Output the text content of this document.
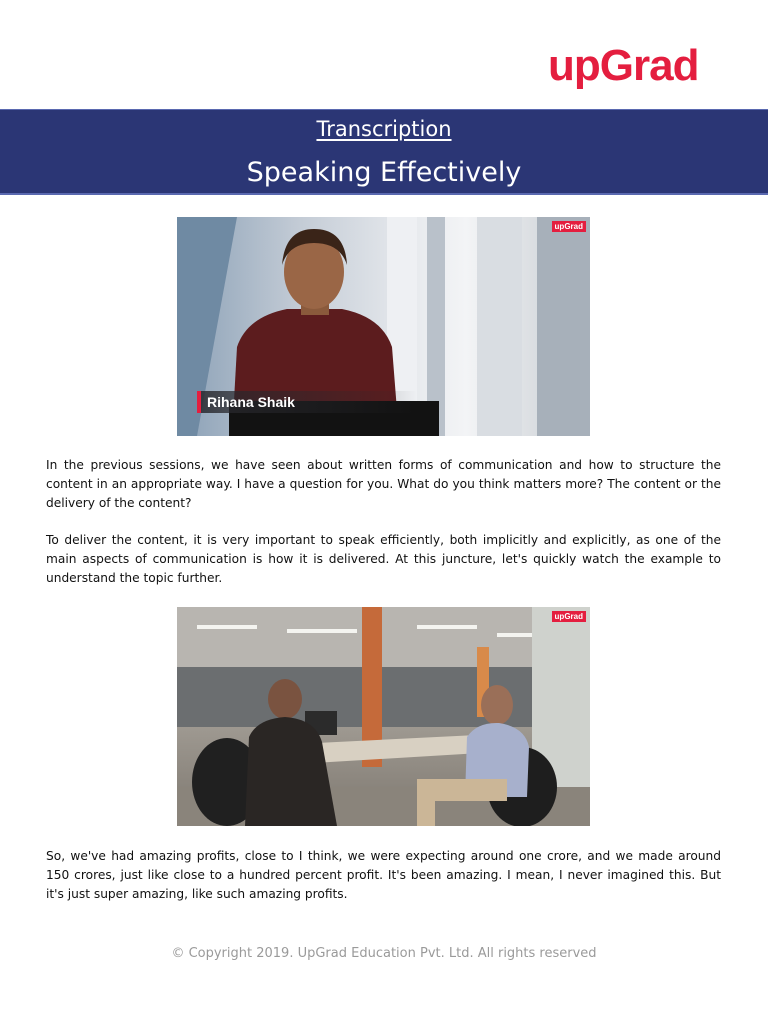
upGrad
Transcription
Speaking Effectively
upGrad
Rihana Shaik
In the previous sessions, we have seen about written forms of communication and how to structure the content in an appropriate way. I have a question for you. What do you think matters more? The content or the delivery of the content?
To deliver the content, it is very important to speak efficiently, both implicitly and explicitly, as one of the main aspects of communication is how it is delivered. At this juncture, let's quickly watch the example to understand the topic further.
upGrad
So, we've had amazing profits, close to I think, we were expecting around one crore, and we made around 150 crores, just like close to a hundred percent profit. It's been amazing. I mean, I never imagined this. But it's just super amazing, like such amazing profits.
© Copyright 2019. UpGrad Education Pvt. Ltd. All rights reserved
